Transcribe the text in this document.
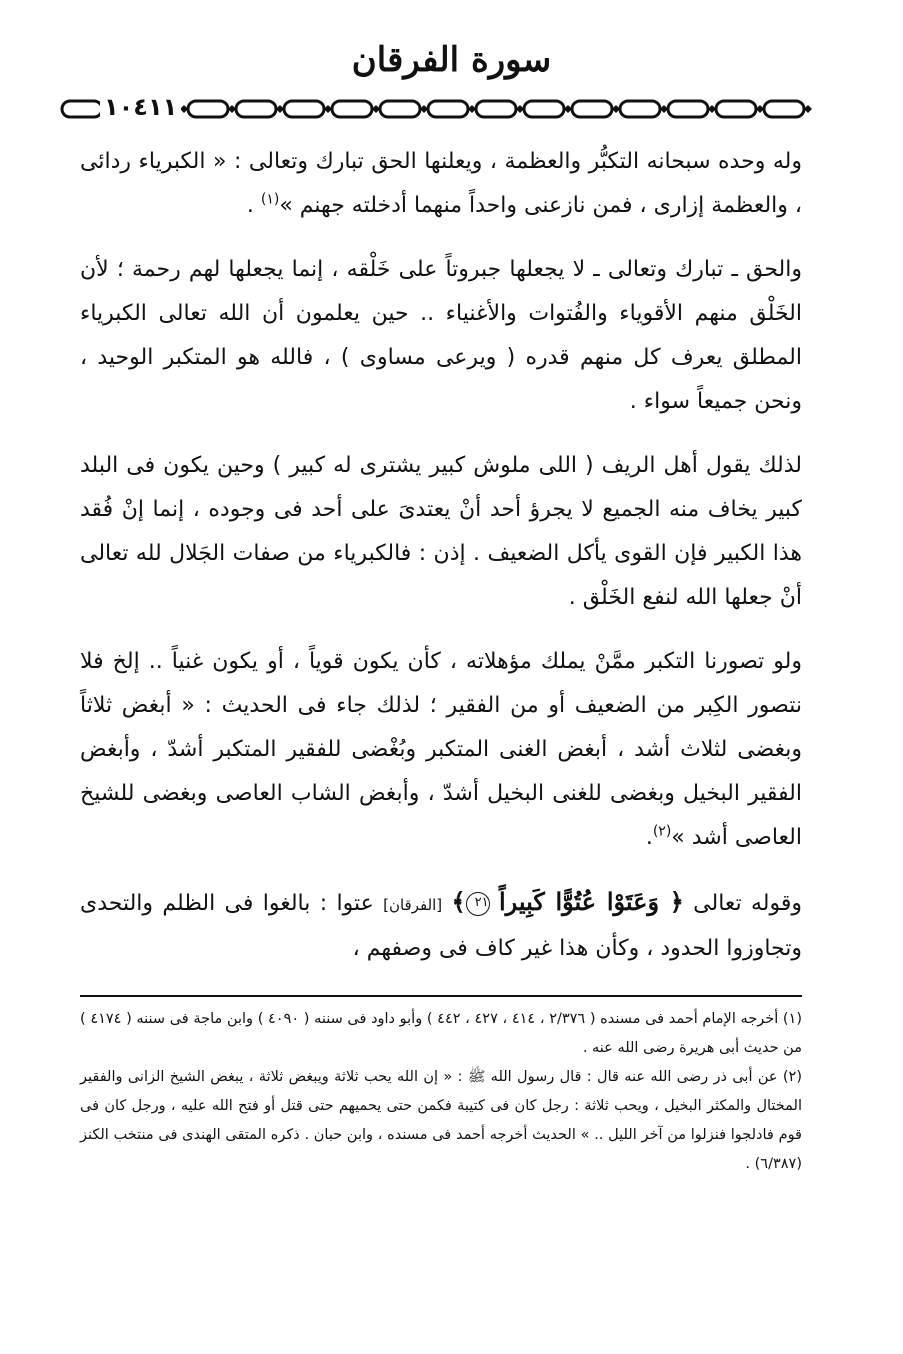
سورة الفرقان
١٠٤١١

وله وحده سبحانه التكبُّر والعظمة ، ويعلنها الحق تبارك وتعالى : « الكبرياء ردائى ، والعظمة إزارى ، فمن نازعنى واحداً منهما أدخلته جهنم »$^{(١)}$ .

والحق ـ تبارك وتعالى ـ لا يجعلها جبروتاً على خَلْقه ، إنما يجعلها لهم رحمة ؛ لأن الخَلْق منهم الأقوياء والفُتوات والأغنياء .. حين يعلمون أن الله تعالى الكبرياء المطلق يعرف كل منهم قدره ( ويرعى مساوى ) ، فالله هو المتكبر الوحيد ، ونحن جميعاً سواء .

لذلك يقول أهل الريف ( اللى ملوش كبير يشترى له كبير ) وحين يكون فى البلد كبير يخاف منه الجميع لا يجرؤ أحد أنْ يعتدىَ على أحد فى وجوده ، إنما إنْ فُقد هذا الكبير فإن القوى يأكل الضعيف . إذن : فالكبرياء من صفات الجَلال لله تعالى أنْ جعلها الله لنفع الخَلْق .

ولو تصورنا التكبر ممَّنْ يملك مؤهلاته ، كأن يكون قوياً ، أو يكون غنياً .. إلخ فلا نتصور الكِبر من الضعيف أو من الفقير ؛ لذلك جاء فى الحديث : « أبغض ثلاثاً وبغضى لثلاث أشد ، أبغض الغنى المتكبر وبُغْضى للفقير المتكبر أشدّ ، وأبغض الفقير البخيل وبغضى للغنى البخيل أشدّ ، وأبغض الشاب العاصى وبغضى للشيخ العاصى أشد »$^{(٢)}$.

وقوله تعالى ﴿ وَعَتَوْا عُتُوًّا كَبِيراً ٢١﴾ [الفرقان] عتوا : بالغوا فى الظلم والتحدى وتجاوزوا الحدود ، وكأن هذا غير كاف فى وصفهم ،

(١) أخرجه الإمام أحمد فى مسنده ( ٢/٣٧٦ ، ٤١٤ ، ٤٢٧ ، ٤٤٢ ) وأبو داود فى سننه ( ٤٠٩٠ ) وابن ماجة فى سننه ( ٤١٧٤ ) من حديث أبى هريرة رضى الله عنه .

(٢) عن أبى ذر رضى الله عنه قال : قال رسول الله ﷺ : « إن الله يحب ثلاثة ويبغض ثلاثة ، يبغض الشيخ الزانى والفقير المختال والمكثر البخيل ، ويحب ثلاثة : رجل كان فى كتيبة فكمن حتى يحميهم حتى قتل أو فتح الله عليه ، ورجل كان فى قوم فادلجوا فنزلوا من آخر الليل .. » الحديث أخرجه أحمد فى مسنده ، وابن حبان . ذكره المتقى الهندى فى منتخب الكنز (٦/٣٨٧) .
